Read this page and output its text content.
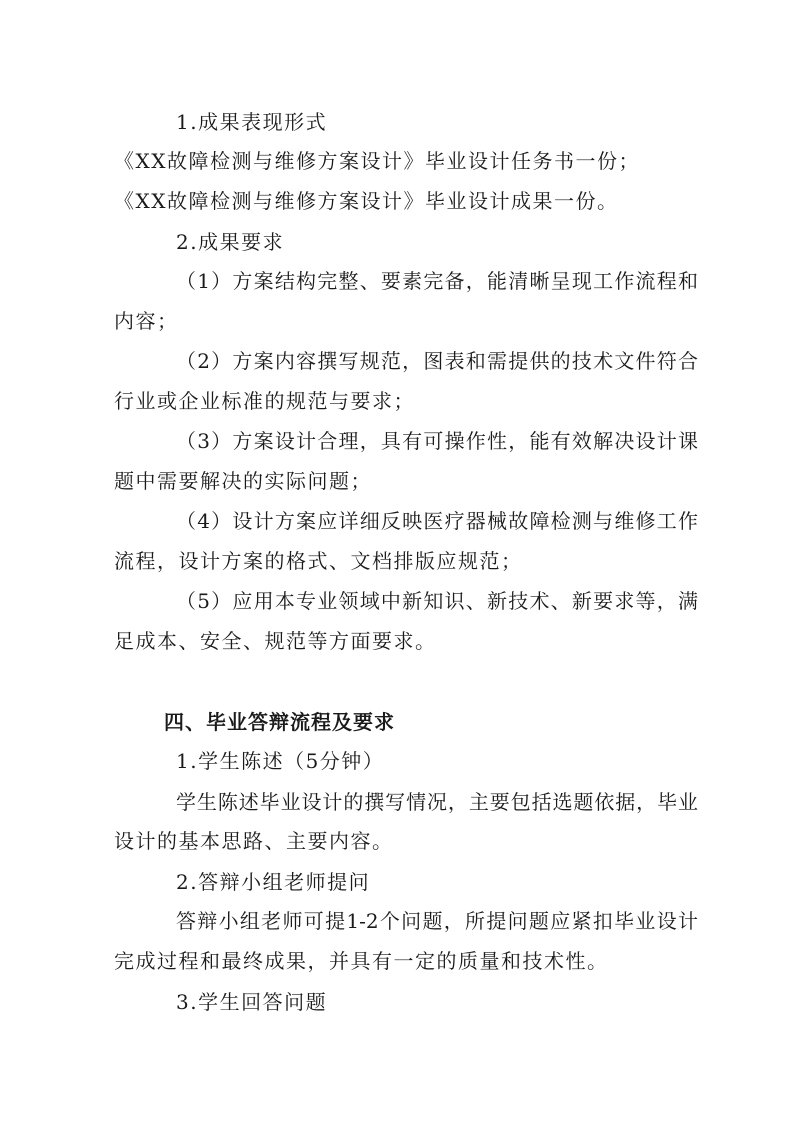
1.成果表现形式
《XX故障检测与维修方案设计》毕业设计任务书一份；
《XX故障检测与维修方案设计》毕业设计成果一份。
2.成果要求
（1）方案结构完整、要素完备，能清晰呈现工作流程和
内容；
（2）方案内容撰写规范，图表和需提供的技术文件符合
行业或企业标准的规范与要求；
（3）方案设计合理，具有可操作性，能有效解决设计课
题中需要解决的实际问题；
（4）设计方案应详细反映医疗器械故障检测与维修工作
流程，设计方案的格式、文档排版应规范；
（5）应用本专业领域中新知识、新技术、新要求等，满
足成本、安全、规范等方面要求。
四、毕业答辩流程及要求
1.学生陈述（5分钟）
学生陈述毕业设计的撰写情况，主要包括选题依据，毕业
设计的基本思路、主要内容。
2.答辩小组老师提问
答辩小组老师可提1-2个问题，所提问题应紧扣毕业设计
完成过程和最终成果，并具有一定的质量和技术性。
3.学生回答问题
